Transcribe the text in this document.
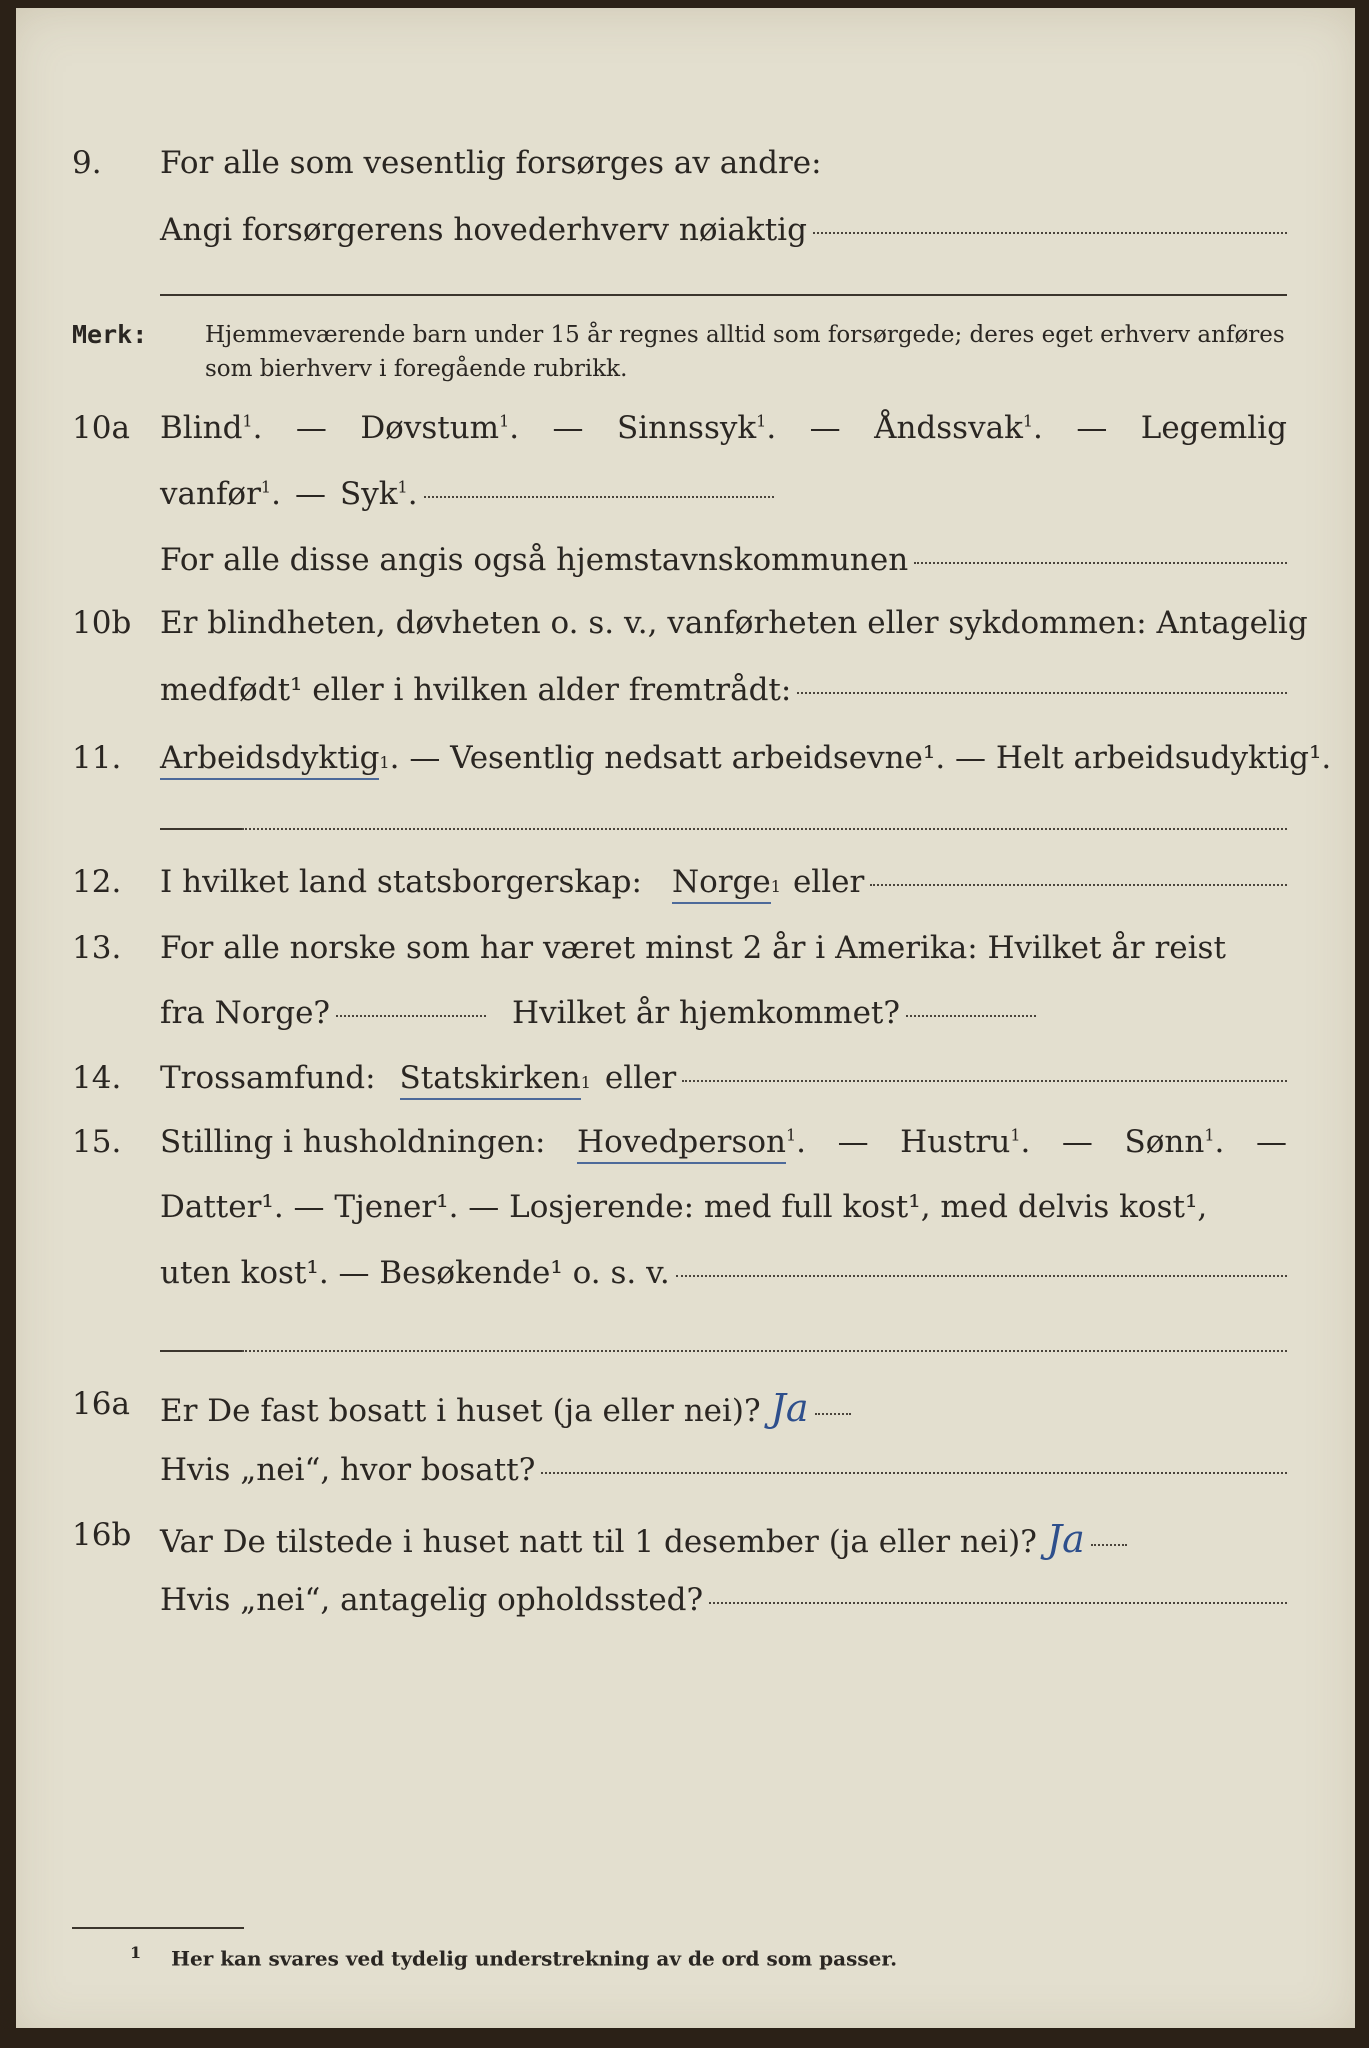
9. For alle som vesentlig forsørges av andre:
Angi forsørgerens hovederhverv nøiaktig
Merk:	Hjemmeværende barn under 15 år regnes alltid som forsørgede; deres eget erhverv anføres som bierhverv i foregående rubrikk.
10a Blind$^1$. — Døvstum$^1$. — Sinnssyk$^1$. — Åndssvak$^1$. — Legemlig
vanfør$^1$. — Syk$^1$.
For alle disse angis også hjemstavnskommunen
10b Er blindheten, døvheten o. s. v., vanførheten eller sykdommen: Antagelig
medfødt¹ eller i hvilken alder fremtrådt:
11. Arbeidsdyktig 1 . — Vesentlig nedsatt arbeidsevne¹. — Helt arbeidsudyktig¹.
12. I hvilket land statsborgerskap: Norge 1 eller
13. For alle norske som har været minst 2 år i Amerika: Hvilket år reist
fra Norge?	Hvilket år hjemkommet?
14. Trossamfund: Statskirken 1 eller
15. Stilling i husholdningen: Hovedperson$^1$. — Hustru$^1$. — Sønn$^1$. —
Datter¹. — Tjener¹. — Losjerende: med full kost¹, med delvis kost¹,
uten kost¹. — Besøkende¹ o. s. v.
16a Er De fast bosatt i huset (ja eller nei)? Ja
Hvis „nei“, hvor bosatt?
16b Var De tilstede i huset natt til 1 desember (ja eller nei)? Ja
Hvis „nei“, antagelig opholdssted?
$^1$ Her kan svares ved tydelig understrekning av de ord som passer.
